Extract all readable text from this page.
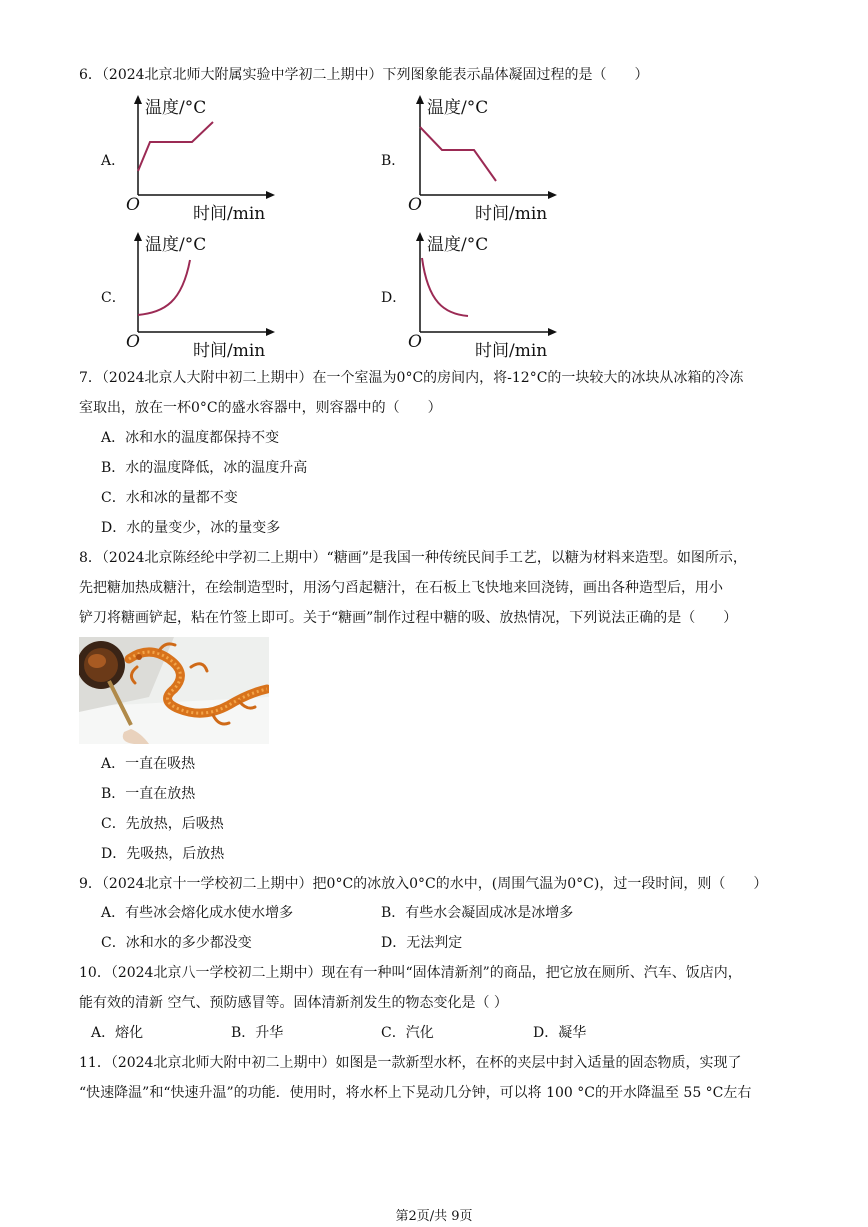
6．（2024北京北师大附属实验中学初二上期中）下列图象能表示晶体凝固过程的是（　　）
A．
温度/°C
时间/min
O
B．
温度/°C
时间/min
O
C．
温度/°C
时间/min
O
D．
温度/°C
时间/min
O
7．（2024北京人大附中初二上期中）在一个室温为0°C的房间内，将-12°C的一块较大的冰块从冰箱的冷冻
室取出，放在一杯0°C的盛水容器中，则容器中的（　　）
A．冰和水的温度都保持不变
B．水的温度降低，冰的温度升高
C．水和冰的量都不变
D．水的量变少，冰的量变多
8．（2024北京陈经纶中学初二上期中）“糖画”是我国一种传统民间手工艺，以糖为材料来造型。如图所示，
先把糖加热成糖汁，在绘制造型时，用汤勺舀起糖汁，在石板上飞快地来回浇铸，画出各种造型后，用小
铲刀将糖画铲起，粘在竹签上即可。关于“糖画”制作过程中糖的吸、放热情况，下列说法正确的是（　　）
A．一直在吸热
B．一直在放热
C．先放热，后吸热
D．先吸热，后放热
9．（2024北京十一学校初二上期中）把0°C的冰放入0°C的水中，(周围气温为0°C)，过一段时间，则（　　）
A．有些冰会熔化成水使水增多	B．有些水会凝固成冰是冰增多
C．冰和水的多少都没变	D．无法判定
10．（2024北京八一学校初二上期中）现在有一种叫“固体清新剂”的商品，把它放在厕所、汽车、饭店内，
能有效的清新 空气、预防感冒等。固体清新剂发生的物态变化是（ ）
A．熔化	B．升华	C．汽化	D．凝华
11．（2024北京北师大附中初二上期中）如图是一款新型水杯，在杯的夹层中封入适量的固态物质，实现了
“快速降温”和“快速升温”的功能．使用时，将水杯上下晃动几分钟，可以将 100 °C的开水降温至 55 °C左右
第2页/共 9页
